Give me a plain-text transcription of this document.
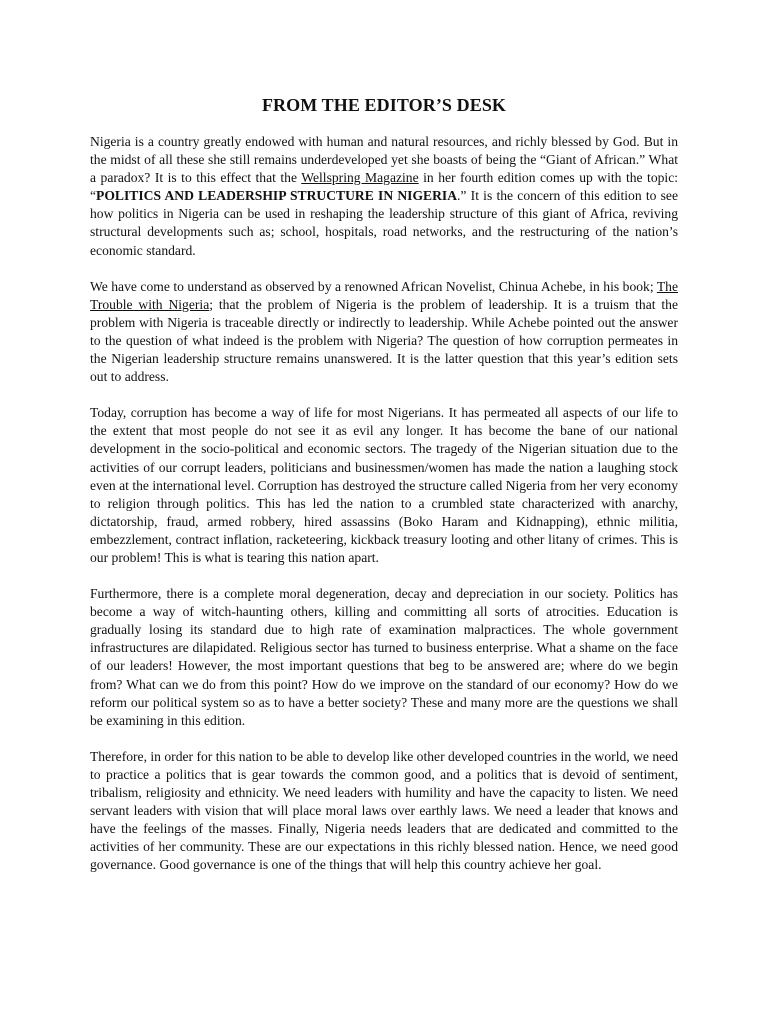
FROM THE EDITOR’S DESK

Nigeria is a country greatly endowed with human and natural resources, and richly blessed by God. But in the midst of all these she still remains underdeveloped yet she boasts of being the “Giant of African.” What a paradox? It is to this effect that the Wellspring Magazine in her fourth edition comes up with the topic: “POLITICS AND LEADERSHIP STRUCTURE IN NIGERIA.” It is the concern of this edition to see how politics in Nigeria can be used in reshaping the leadership structure of this giant of Africa, reviving structural developments such as; school, hospitals, road networks, and the restructuring of the nation’s economic standard.

We have come to understand as observed by a renowned African Novelist, Chinua Achebe, in his book; The Trouble with Nigeria; that the problem of Nigeria is the problem of leadership. It is a truism that the problem with Nigeria is traceable directly or indirectly to leadership. While Achebe pointed out the answer to the question of what indeed is the problem with Nigeria? The question of how corruption permeates in the Nigerian leadership structure remains unanswered. It is the latter question that this year’s edition sets out to address.

Today, corruption has become a way of life for most Nigerians. It has permeated all aspects of our life to the extent that most people do not see it as evil any longer. It has become the bane of our national development in the socio-political and economic sectors. The tragedy of the Nigerian situation due to the activities of our corrupt leaders, politicians and businessmen/women has made the nation a laughing stock even at the international level. Corruption has destroyed the structure called Nigeria from her very economy to religion through politics. This has led the nation to a crumbled state characterized with anarchy, dictatorship, fraud, armed robbery, hired assassins (Boko Haram and Kidnapping), ethnic militia, embezzlement, contract inflation, racketeering, kickback treasury looting and other litany of crimes. This is our problem! This is what is tearing this nation apart.

Furthermore, there is a complete moral degeneration, decay and depreciation in our society. Politics has become a way of witch-haunting others, killing and committing all sorts of atrocities. Education is gradually losing its standard due to high rate of examination malpractices. The whole government infrastructures are dilapidated. Religious sector has turned to business enterprise. What a shame on the face of our leaders! However, the most important questions that beg to be answered are; where do we begin from? What can we do from this point? How do we improve on the standard of our economy? How do we reform our political system so as to have a better society? These and many more are the questions we shall be examining in this edition.

Therefore, in order for this nation to be able to develop like other developed countries in the world, we need to practice a politics that is gear towards the common good, and a politics that is devoid of sentiment, tribalism, religiosity and ethnicity. We need leaders with humility and have the capacity to listen. We need servant leaders with vision that will place moral laws over earthly laws. We need a leader that knows and have the feelings of the masses. Finally, Nigeria needs leaders that are dedicated and committed to the activities of her community. These are our expectations in this richly blessed nation. Hence, we need good governance. Good governance is one of the things that will help this country achieve her goal.
